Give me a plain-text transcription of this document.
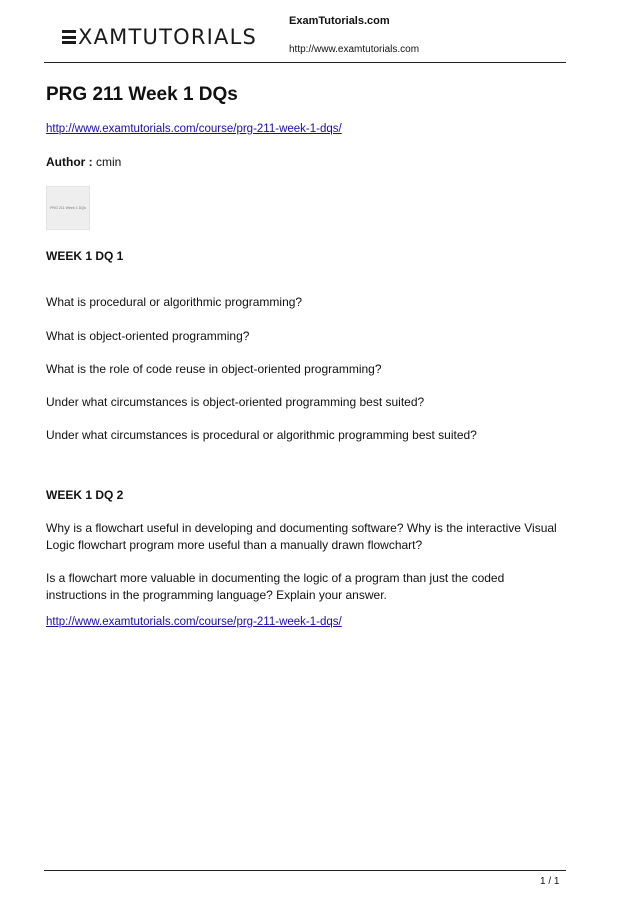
XAMTUTORIALS
ExamTutorials.com
http://www.examtutorials.com
PRG 211 Week 1 DQs
http://www.examtutorials.com/course/prg-211-week-1-dqs/
Author : cmin
PRG 211 Week 1 DQs
WEEK 1 DQ 1
What is procedural or algorithmic programming?
What is object-oriented programming?
What is the role of code reuse in object-oriented programming?
Under what circumstances is object-oriented programming best suited?
Under what circumstances is procedural or algorithmic programming best suited?
WEEK 1 DQ 2
Why is a flowchart useful in developing and documenting software? Why is the interactive Visual Logic flowchart program more useful than a manually drawn flowchart?
Is a flowchart more valuable in documenting the logic of a program than just the coded instructions in the programming language? Explain your answer.
http://www.examtutorials.com/course/prg-211-week-1-dqs/
1 / 1
